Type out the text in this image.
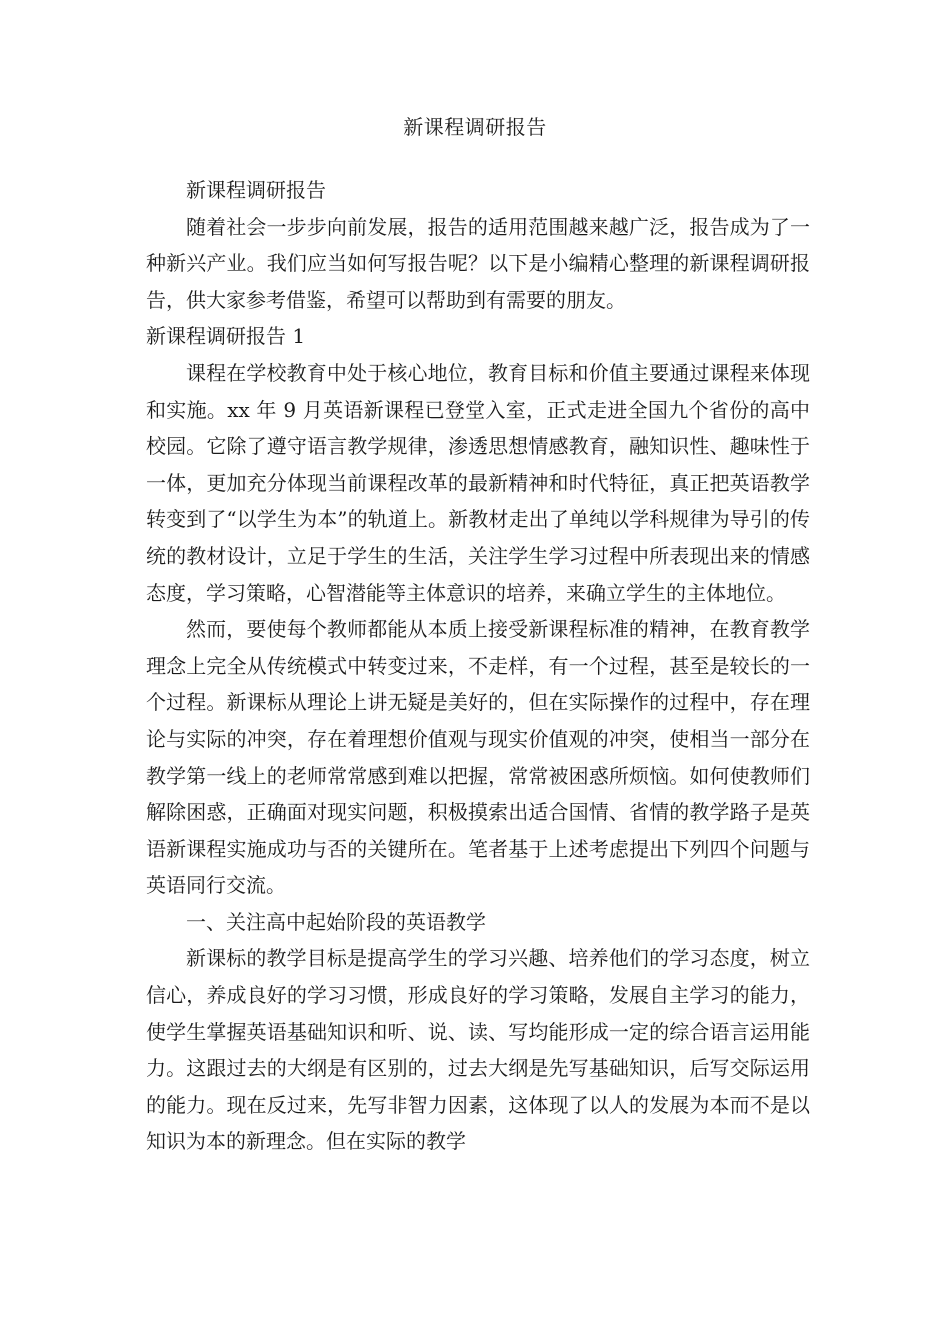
新课程调研报告

新课程调研报告

随着社会一步步向前发展，报告的适用范围越来越广泛，报告成为了一种新兴产业。我们应当如何写报告呢？以下是小编精心整理的新课程调研报告，供大家参考借鉴，希望可以帮助到有需要的朋友。

新课程调研报告 1

课程在学校教育中处于核心地位，教育目标和价值主要通过课程来体现和实施。xx 年 9 月英语新课程已登堂入室，正式走进全国九个省份的高中校园。它除了遵守语言教学规律，渗透思想情感教育，融知识性、趣味性于一体，更加充分体现当前课程改革的最新精神和时代特征，真正把英语教学转变到了“以学生为本”的轨道上。新教材走出了单纯以学科规律为导引的传统的教材设计，立足于学生的生活，关注学生学习过程中所表现出来的情感态度，学习策略，心智潜能等主体意识的培养，来确立学生的主体地位。

然而，要使每个教师都能从本质上接受新课程标准的精神，在教育教学理念上完全从传统模式中转变过来，不走样，有一个过程，甚至是较长的一个过程。新课标从理论上讲无疑是美好的，但在实际操作的过程中，存在理论与实际的冲突，存在着理想价值观与现实价值观的冲突，使相当一部分在教学第一线上的老师常常感到难以把握，常常被困惑所烦恼。如何使教师们解除困惑，正确面对现实问题，积极摸索出适合国情、省情的教学路子是英语新课程实施成功与否的关键所在。笔者基于上述考虑提出下列四个问题与英语同行交流。

一、关注高中起始阶段的英语教学

新课标的教学目标是提高学生的学习兴趣、培养他们的学习态度，树立信心，养成良好的学习习惯，形成良好的学习策略，发展自主学习的能力，使学生掌握英语基础知识和听、说、读、写均能形成一定的综合语言运用能力。这跟过去的大纲是有区别的，过去大纲是先写基础知识，后写交际运用的能力。现在反过来，先写非智力因素，这体现了以人的发展为本而不是以知识为本的新理念。但在实际的教学
